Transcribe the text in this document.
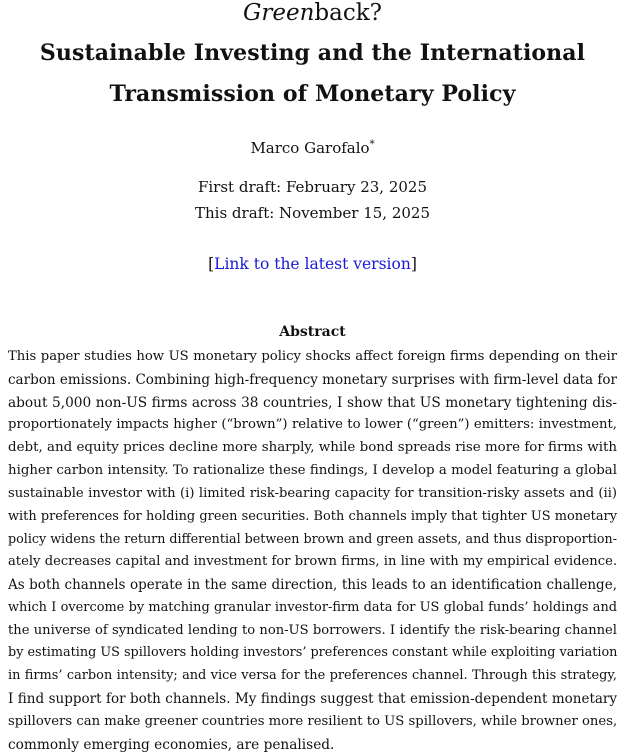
Greenback?
Sustainable Investing and the International
Transmission of Monetary Policy
Marco Garofalo*
First draft: February 23, 2025
This draft: November 15, 2025
[Link to the latest version]
Abstract
This paper studies how US monetary policy shocks affect foreign firms depending on their
carbon emissions. Combining high-frequency monetary surprises with firm-level data for
about 5,000 non-US firms across 38 countries, I show that US monetary tightening dis-
proportionately impacts higher (“brown”) relative to lower (“green”) emitters: investment,
debt, and equity prices decline more sharply, while bond spreads rise more for firms with
higher carbon intensity. To rationalize these findings, I develop a model featuring a global
sustainable investor with (i) limited risk-bearing capacity for transition-risky assets and (ii)
with preferences for holding green securities. Both channels imply that tighter US monetary
policy widens the return differential between brown and green assets, and thus disproportion-
ately decreases capital and investment for brown firms, in line with my empirical evidence.
As both channels operate in the same direction, this leads to an identification challenge,
which I overcome by matching granular investor-firm data for US global funds’ holdings and
the universe of syndicated lending to non-US borrowers. I identify the risk-bearing channel
by estimating US spillovers holding investors’ preferences constant while exploiting variation
in firms’ carbon intensity; and vice versa for the preferences channel. Through this strategy,
I find support for both channels. My findings suggest that emission-dependent monetary
spillovers can make greener countries more resilient to US spillovers, while browner ones,
commonly emerging economies, are penalised.
